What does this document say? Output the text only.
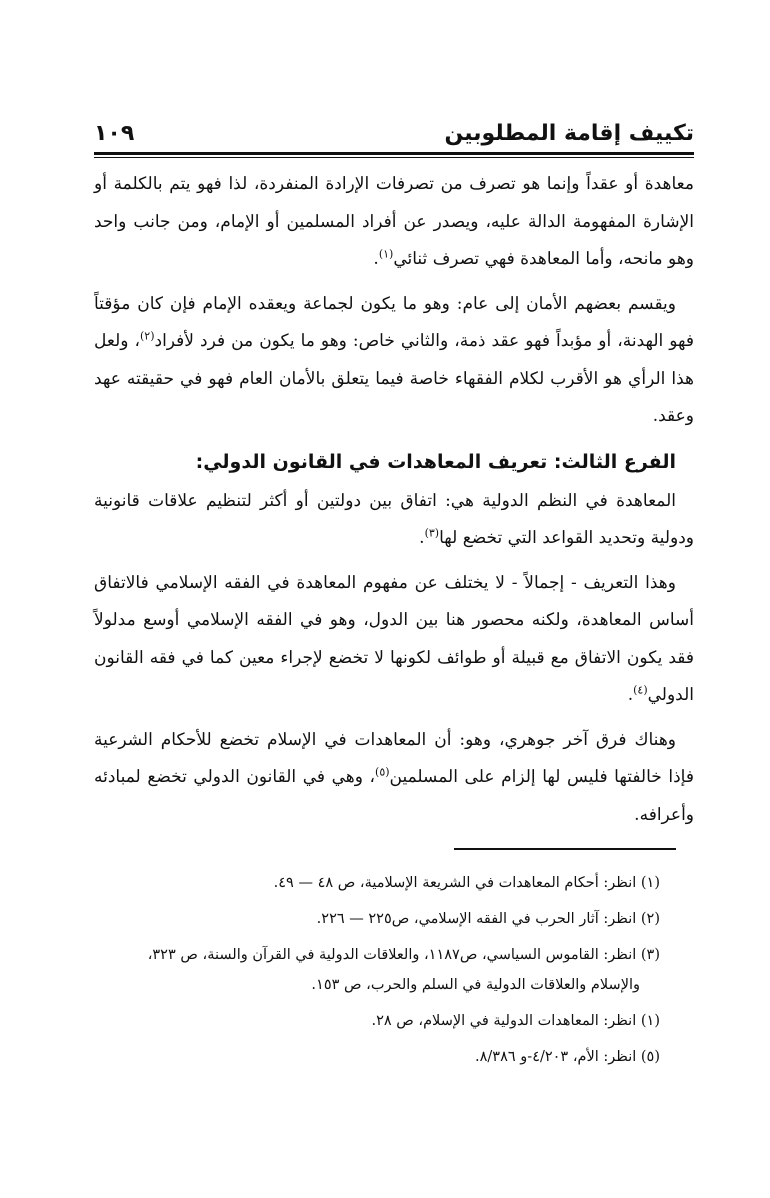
تكييف إقامة المطلوبين
١٠٩

معاهدة أو عقداً وإنما هو تصرف من تصرفات الإرادة المنفردة، لذا فهو يتم بالكلمة أو الإشارة المفهومة الدالة عليه، ويصدر عن أفراد المسلمين أو الإمام، ومن جانب واحد وهو مانحه، وأما المعاهدة فهي تصرف ثنائي$^{(١)}$.

ويقسم بعضهم الأمان إلى عام: وهو ما يكون لجماعة ويعقده الإمام فإن كان مؤقتاً فهو الهدنة، أو مؤبداً فهو عقد ذمة، والثاني خاص: وهو ما يكون من فرد لأفراد$^{(٢)}$، ولعل هذا الرأي هو الأقرب لكلام الفقهاء خاصة فيما يتعلق بالأمان العام فهو في حقيقته عهد وعقد.

الفرع الثالث: تعريف المعاهدات في القانون الدولي:

المعاهدة في النظم الدولية هي: اتفاق بين دولتين أو أكثر لتنظيم علاقات قانونية ودولية وتحديد القواعد التي تخضع لها$^{(٣)}$.

وهذا التعريف - إجمالاً - لا يختلف عن مفهوم المعاهدة في الفقه الإسلامي فالاتفاق أساس المعاهدة، ولكنه محصور هنا بين الدول، وهو في الفقه الإسلامي أوسع مدلولاً فقد يكون الاتفاق مع قبيلة أو طوائف لكونها لا تخضع لإجراء معين كما في فقه القانون الدولي$^{(٤)}$.

وهناك فرق آخر جوهري، وهو: أن المعاهدات في الإسلام تخضع للأحكام الشرعية فإذا خالفتها فليس لها إلزام على المسلمين$^{(٥)}$، وهي في القانون الدولي تخضع لمبادئه وأعرافه.

(١) انظر: أحكام المعاهدات في الشريعة الإسلامية، ص ٤٨ — ٤٩.
(٢) انظر: آثار الحرب في الفقه الإسلامي، ص٢٢٥ — ٢٢٦.
(٣) انظر: القاموس السياسي، ص١١٨٧، والعلاقات الدولية في القرآن والسنة، ص ٣٢٣،
والإسلام والعلاقات الدولية في السلم والحرب، ص ١٥٣.
(١) انظر: المعاهدات الدولية في الإسلام، ص ٢٨.
(٥) انظر: الأم، ٤/٢٠٣-و ٨/٣٨٦.
